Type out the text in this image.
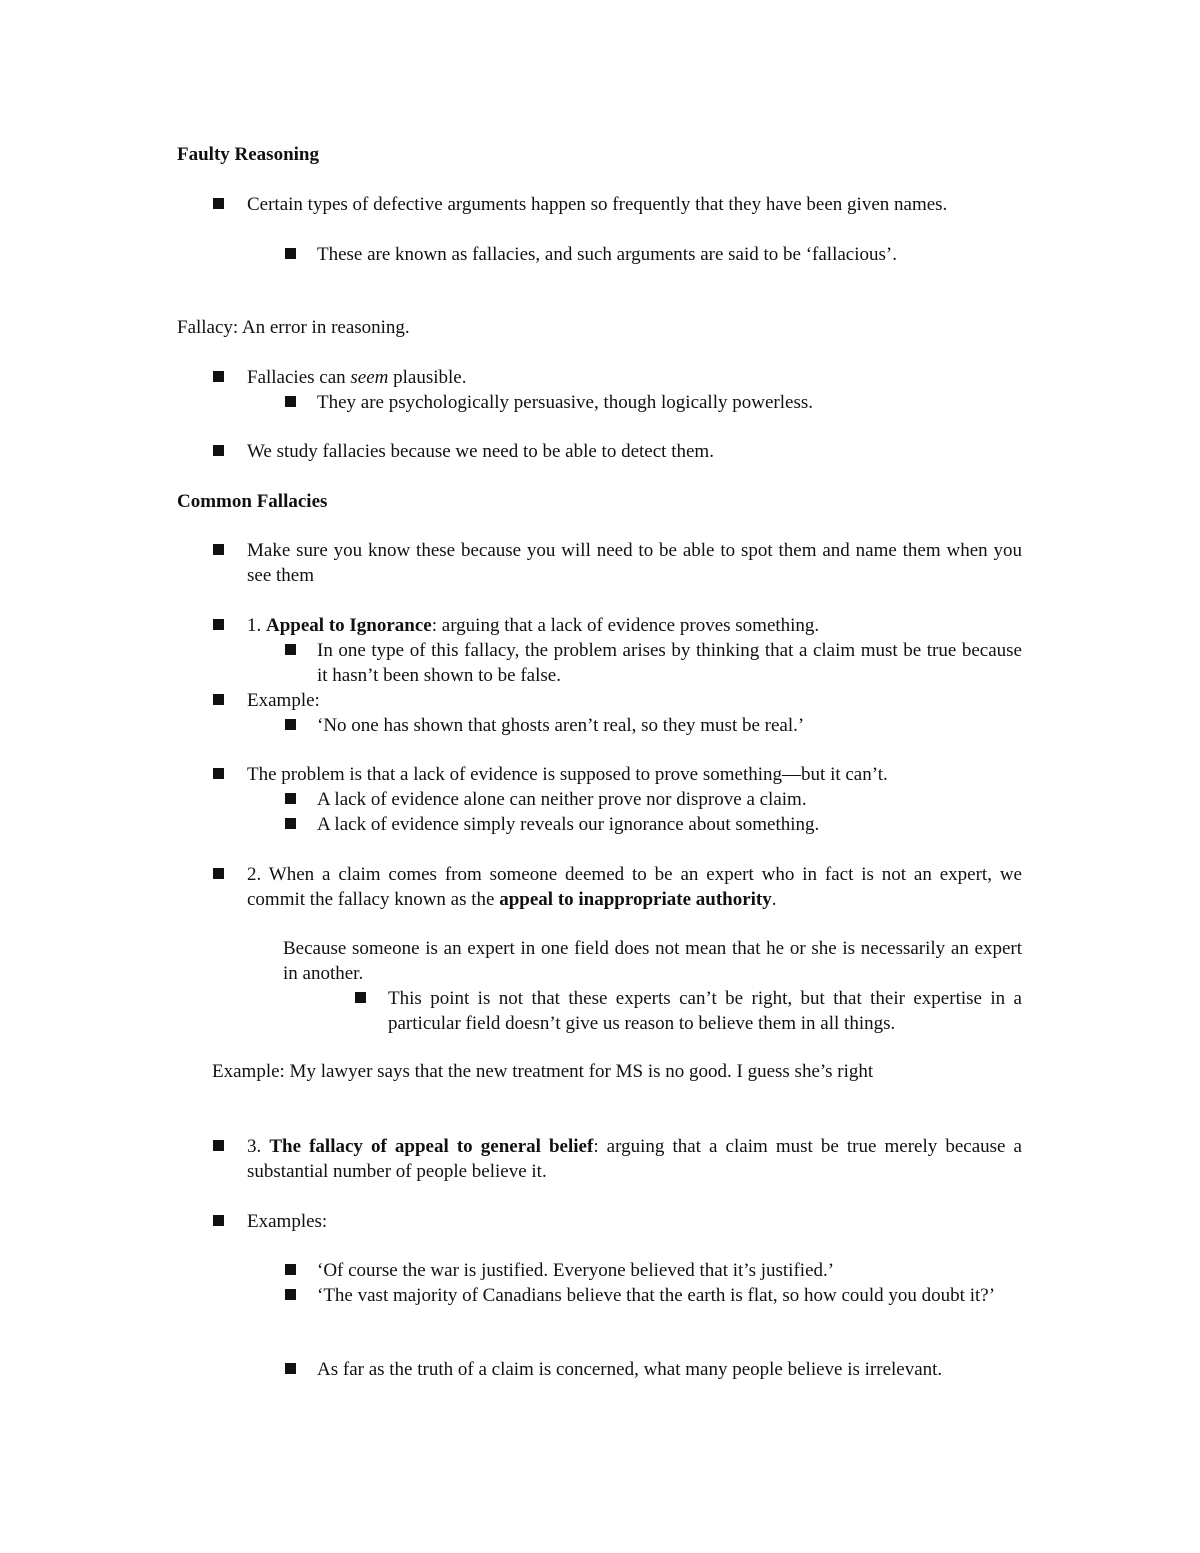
Faulty Reasoning
Certain types of defective arguments happen so frequently that they have been given names.
These are known as fallacies, and such arguments are said to be ‘fallacious’.
Fallacy: An error in reasoning.
Fallacies can seem plausible.
They are psychologically persuasive, though logically powerless.
We study fallacies because we need to be able to detect them.
Common Fallacies
Make sure you know these because you will need to be able to spot them and name them when you see them
1. Appeal to Ignorance: arguing that a lack of evidence proves something.
In one type of this fallacy, the problem arises by thinking that a claim must be true because it hasn’t been shown to be false.
Example:
‘No one has shown that ghosts aren’t real, so they must be real.’
The problem is that a lack of evidence is supposed to prove something—but it can’t.
A lack of evidence alone can neither prove nor disprove a claim.
A lack of evidence simply reveals our ignorance about something.
2. When a claim comes from someone deemed to be an expert who in fact is not an expert, we commit the fallacy known as the appeal to inappropriate authority.
Because someone is an expert in one field does not mean that he or she is necessarily an expert in another.
This point is not that these experts can’t be right, but that their expertise in a particular field doesn’t give us reason to believe them in all things.
Example: My lawyer says that the new treatment for MS is no good. I guess she’s right
3. The fallacy of appeal to general belief: arguing that a claim must be true merely because a substantial number of people believe it.
Examples:
‘Of course the war is justified. Everyone believed that it’s justified.’
‘The vast majority of Canadians believe that the earth is flat, so how could you doubt it?’
As far as the truth of a claim is concerned, what many people believe is irrelevant.
